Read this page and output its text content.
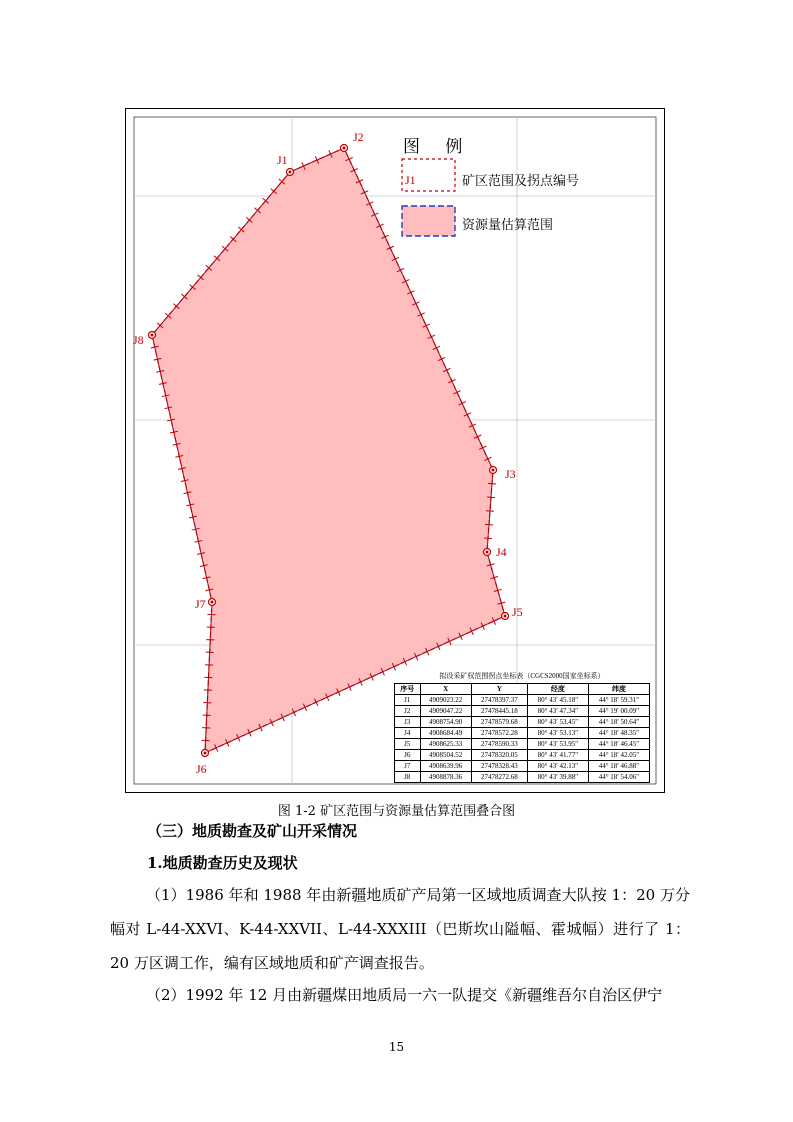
图 例
J1	矿区范围及拐点编号
资源量估算范围
J1
J2
J3
J4
J5
J6
J7
J8
拟设采矿权范围拐点坐标表（CGCS2000国家坐标系）
序号	X	Y	经度	纬度
J1	4909023.22	27478397.37	80° 43′ 45.18″	44° 18′ 59.31″
J2	4909047.22	27478445.18	80° 43′ 47.34″	44° 19′ 00.09″
J3	4908754.90	27478579.68	80° 43′ 53.45″	44° 18′ 50.64″
J4	4908684.49	27478572.28	80° 43′ 53.13″	44° 18′ 48.35″
J5	4908625.33	27478590.33	80° 43′ 53.95″	44° 18′ 46.45″
J6	4908504.52	27478320.05	80° 43′ 41.77″	44° 18′ 42.05″
J7	4908639.96	27478328.43	80° 43′ 42.13″	44° 18′ 46.88″
J8	4908878.36	27478272.68	80° 43′ 39.88″	44° 18′ 54.06″
图 1-2 矿区范围与资源量估算范围叠合图
（三）地质勘查及矿山开采情况
1.地质勘查历史及现状

（1）1986 年和 1988 年由新疆地质矿产局第一区域地质调查大队按 1：20 万分幅对 L-44-XXVI、K-44-XXVII、L-44-XXXIII（巴斯坎山隘幅、霍城幅）进行了 1：20 万区调工作，编有区域地质和矿产调查报告。

（2）1992 年 12 月由新疆煤田地质局一六一队提交《新疆维吾尔自治区伊宁

15
